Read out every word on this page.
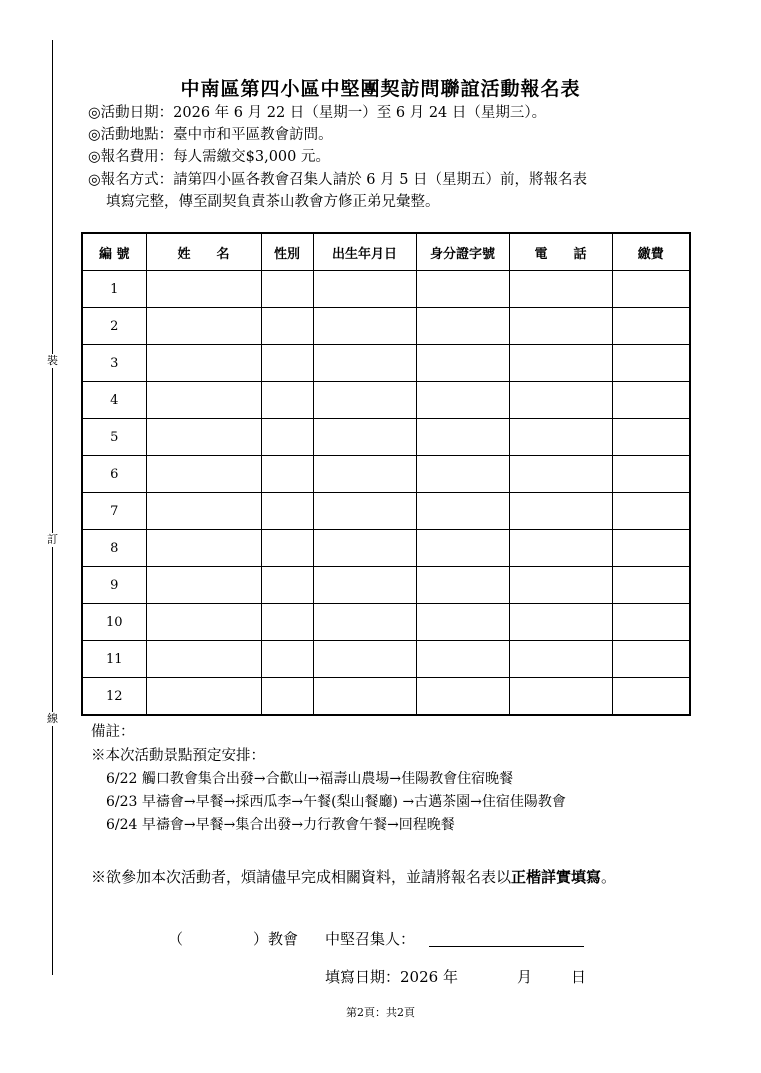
裝
訂
線
中南區第四小區中堅團契訪問聯誼活動報名表
◎活動日期：2026 年 6 月 22 日（星期一）至 6 月 24 日（星期三）。
◎活動地點：臺中市和平區教會訪問。
◎報名費用：每人需繳交$3,000 元。
◎報名方式：請第四小區各教會召集人請於 6 月 5 日（星期五）前，將報名表
填寫完整，傳至副契負責茶山教會方修正弟兄彙整。
編 號	姓　　名	性別	出生年月日	身分證字號	電　　話	繳費
1						
2						
3						
4						
5						
6						
7						
8						
9						
10						
11						
12						
備註：
※本次活動景點預定安排：
6/22 觸口教會集合出發→合歡山→福壽山農場→佳陽教會住宿晚餐
6/23 早禱會→早餐→採西瓜李→午餐(梨山餐廳) →古邁茶園→住宿佳陽教會
6/24 早禱會→早餐→集合出發→力行教會午餐→回程晚餐
※欲參加本次活動者，煩請儘早完成相關資料，並請將報名表以正楷詳實填寫。
（	）教會 中堅召集人：
填寫日期：2026 年	月	日
第2頁：共2頁
